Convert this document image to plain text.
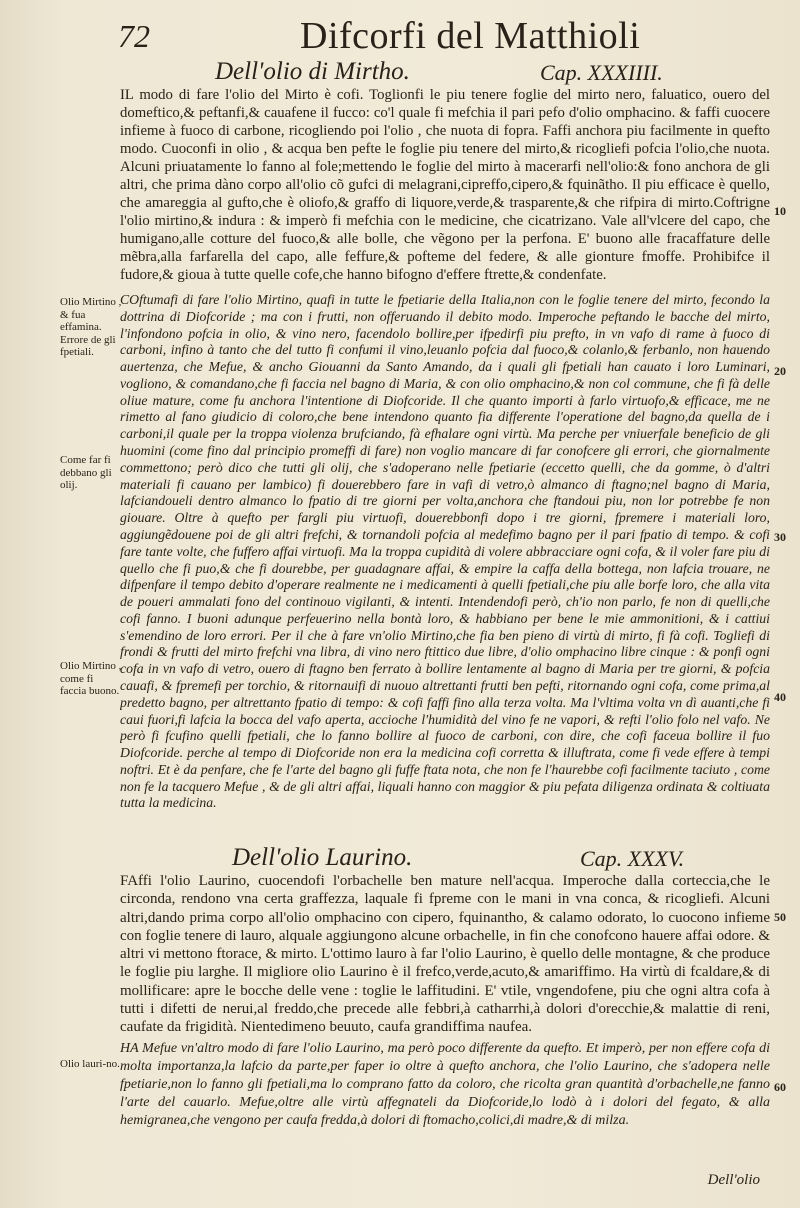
72	Difcorfi del Matthioli
Dell'olio di Mirtho.	Cap. XXXIIII.

IL modo di fare l'olio del Mirto è cofi. Toglionfi le piu tenere foglie del mirto nero, faluatico, ouero del domeftico,& peftanfi,& cauafene il fucco: co'l quale fi mefchia il pari pefo d'olio omphacino. & faffi cuocere infieme à fuoco di carbone, ricogliendo poi l'olio , che nuota di fopra. Faffi anchora piu facilmente in quefto modo. Cuoconfi in olio , & acqua ben pefte le foglie piu tenere del mirto,& ricogliefi pofcia l'olio,che nuota. Alcuni priuatamente lo fanno al fole;mettendo le foglie del mirto à macerarfi nell'olio:& fono anchora de gli altri, che prima dàno corpo all'olio cõ gufci di melagrani,cipreffo,cipero,& fquinãtho. Il piu efficace è quello, che amareggia al gufto,che è oliofo,& graffo di liquore,verde,& trasparente,& che rifpira di mirto.Coftrigne l'olio mirtino,& indura : & imperò fi mefchia con le medicine, che cicatrizano. Vale all'vlcere del capo, che humigano,alle cotture del fuoco,& alle bolle, che vẽgono per la perfona. E' buono alle fracaffature delle mẽbra,alla farfarella del capo, alle feffure,& pofteme del federe, & alle gionture fmoffe. Prohibifce il fudore,& gioua à tutte quelle cofe,che hanno bifogno d'effere ftrette,& condenfate.

COftumafi di fare l'olio Mirtino, quafi in tutte le fpetiarie della Italia,non con le foglie tenere del mirto, fecondo la dottrina di Diofcoride ; ma con i frutti, non offeruando il debito modo. Imperoche peftando le bacche del mirto, l'infondono pofcia in olio, & vino nero, facendolo bollire,per ifpedirfi piu prefto, in vn vafo di rame à fuoco di carboni, infino à tanto che del tutto fi confumi il vino,leuanlo pofcia dal fuoco,& colanlo,& ferbanlo, non hauendo auertenza, che Mefue, & ancho Giouanni da Santo Amando, da i quali gli fpetiali han cauato i loro Luminari, vogliono, & comandano,che fi faccia nel bagno di Maria, & con olio omphacino,& non col commune, che fi fà delle oliue mature, come fu anchora l'intentione di Diofcoride. Il che quanto importi à farlo virtuofo,& efficace, me ne rimetto al fano giudicio di coloro,che bene intendono quanto fia differente l'operatione del bagno,da quella de i carboni,il quale per la troppa violenza brufciando, fà efhalare ogni virtù. Ma perche per vniuerfale beneficio de gli huomini (come fino dal principio promeffi di fare) non voglio mancare di far conofcere gli errori, che giornalmente commettono; però dico che tutti gli olij, che s'adoperano nelle fpetiarie (eccetto quelli, che da gomme, ò d'altri materiali fi cauano per lambico) fi douerebbero fare in vafi di vetro,ò almanco di ftagno;nel bagno di Maria, lafciandoueli dentro almanco lo fpatio di tre giorni per volta,anchora che ftandoui piu, non lor potrebbe fe non giouare. Oltre à quefto per fargli piu virtuofi, douerebbonfi dopo i tre giorni, fpremere i materiali loro, aggiungẽdouene poi de gli altri frefchi, & tornandoli pofcia al medefimo bagno per il pari fpatio di tempo. & cofi fare tante volte, che fuffero affai virtuofi. Ma la troppa cupidità di volere abbracciare ogni cofa, & il voler fare piu di quello che fi puo,& che fi dourebbe, per guadagnare affai, & empire la caffa della bottega, non lafcia trouare, ne difpenfare il tempo debito d'operare realmente ne i medicamenti à quelli fpetiali,che piu alle borfe loro, che alla vita de poueri ammalati fono del continouo vigilanti, & intenti. Intendendofi però, ch'io non parlo, fe non di quelli,che cofi fanno. I buoni adunque perfeuerino nella bontà loro, & habbiano per bene le mie ammonitioni, & i cattiui s'emendino de loro errori. Per il che à fare vn'olio Mirtino,che fia ben pieno di virtù di mirto, fi fà cofi. Togliefi di frondi & frutti del mirto frefchi vna libra, di vino nero ftittico due libre, d'olio omphacino libre cinque : & ponfi ogni cofa in vn vafo di vetro, ouero di ftagno ben ferrato à bollire lentamente al bagno di Maria per tre giorni, & pofcia cauafi, & fpremefi per torchio, & ritornauifi di nuouo altrettanti frutti ben pefti, ritornando ogni cofa, come prima,al predetto bagno, per altrettanto fpatio di tempo: & cofi faffi fino alla terza volta. Ma l'vltima volta vn dì auanti,che fi caui fuori,fi lafcia la bocca del vafo aperta, accioche l'humidità del vino fe ne vapori, & refti l'olio folo nel vafo. Ne però fi fcufino quelli fpetiali, che lo fanno bollire al fuoco de carboni, con dire, che cofi faceua bollire il fuo Diofcoride. perche al tempo di Diofcoride non era la medicina cofi corretta & illuftrata, come fi vede effere à tempi noftri. Et è da penfare, che fe l'arte del bagno gli fuffe ftata nota, che non fe l'haurebbe cofi facilmente taciuto , come non fe la tacquero Mefue , & de gli altri affai, liquali hanno con maggior & piu pefata diligenza ordinata & coltiuata tutta la medicina.

Dell'olio Laurino.	Cap. XXXV.

FAffi l'olio Laurino, cuocendofi l'orbachelle ben mature nell'acqua. Imperoche dalla corteccia,che le circonda, rendono vna certa graffezza, laquale fi fpreme con le mani in vna conca, & ricogliefi. Alcuni altri,dando prima corpo all'olio omphacino con cipero, fquinantho, & calamo odorato, lo cuocono infieme con foglie tenere di lauro, alquale aggiungono alcune orbachelle, in fin che conofcono hauere affai odore. & altri vi mettono ftorace, & mirto. L'ottimo lauro à far l'olio Laurino, è quello delle montagne, & che produce le foglie piu larghe. Il migliore olio Laurino è il frefco,verde,acuto,& amariffimo. Ha virtù di fcaldare,& di mollificare: apre le bocche delle vene : toglie le laffitudini. E' vtile, vngendofene, piu che ogni altra cofa à tutti i difetti de nerui,al freddo,che precede alle febbri,à catharrhi,à dolori d'orecchie,& malattie di reni, caufate da frigidità. Nientedimeno beuuto, caufa grandiffima naufea.

HA Mefue vn'altro modo di fare l'olio Laurino, ma però poco differente da quefto. Et imperò, per non effere cofa di molta importanza,la lafcio da parte,per faper io oltre à quefto anchora, che l'olio Laurino, che s'adopera nelle fpetiarie,non lo fanno gli fpetiali,ma lo comprano fatto da coloro, che ricolta gran quantità d'orbachelle,ne fanno l'arte del cauarlo. Mefue,oltre alle virtù affegnateli da Diofcoride,lo lodò à i dolori del fegato, & alla hemigranea,che vengono per caufa fredda,à dolori di ftomacho,colici,di madre,& di milza.

Olio Mirtino , & fua effamina. Errore de gli fpetiali.
Come far fi debbano gli olij.
Olio Mirtino , come fi faccia buono.
Olio lauri-no.
10
20
30
40
50
60
Dell'olio
